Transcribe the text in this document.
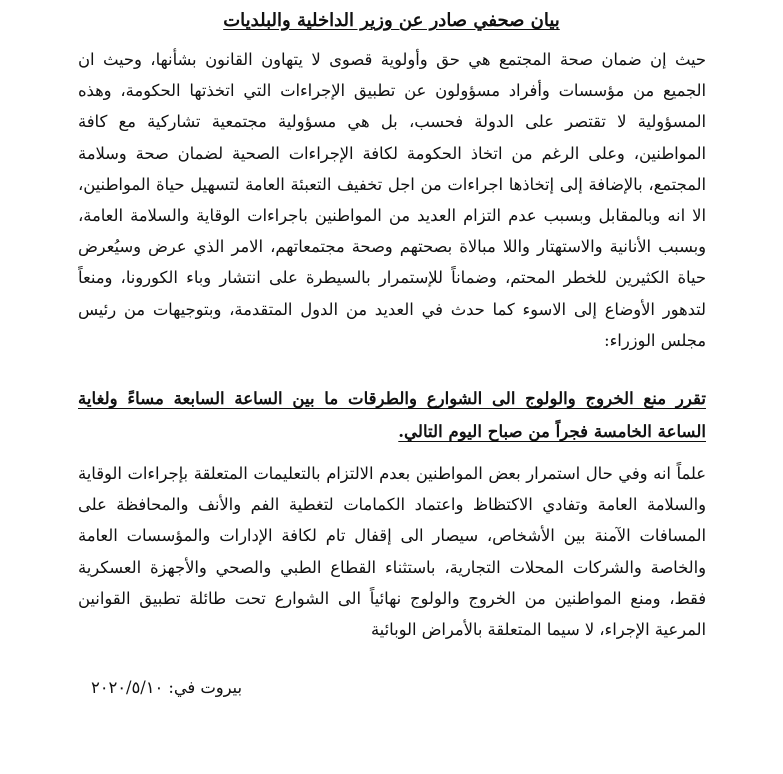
بيان صحفي صادر عن وزير الداخلية والبلديات

حيث إن ضمان صحة المجتمع هي حق وأولوية قصوى لا يتهاون القانون بشأنها، وحيث ان الجميع من مؤسسات وأفراد مسؤولون عن تطبيق الإجراءات التي اتخذتها الحكومة، وهذه المسؤولية لا تقتصر على الدولة فحسب، بل هي مسؤولية مجتمعية تشاركية مع كافة المواطنين، وعلى الرغم من اتخاذ الحكومة لكافة الإجراءات الصحية لضمان صحة وسلامة المجتمع، بالإضافة إلى إتخاذها اجراءات من اجل تخفيف التعبئة العامة لتسهيل حياة المواطنين، الا انه وبالمقابل وبسبب عدم التزام العديد من المواطنين باجراءات الوقاية والسلامة العامة، وبسبب الأنانية والاستهتار واللا مبالاة بصحتهم وصحة مجتمعاتهم، الامر الذي عرض وسيُعرض حياة الكثيرين للخطر المحتم، وضماناً للإستمرار بالسيطرة على انتشار وباء الكورونا، ومنعاً لتدهور الأوضاع إلى الاسوء كما حدث في العديد من الدول المتقدمة، وبتوجيهات من رئيس مجلس الوزراء:

تقرر منع الخروج والولوج الى الشوارع والطرقات ما بين الساعة السابعة مساءً ولغاية الساعة الخامسة فجراً من صباح اليوم التالي.

علماً انه وفي حال استمرار بعض المواطنين بعدم الالتزام بالتعليمات المتعلقة بإجراءات الوقاية والسلامة العامة وتفادي الاكتظاظ واعتماد الكمامات لتغطية الفم والأنف والمحافظة على المسافات الآمنة بين الأشخاص، سيصار الى إقفال تام لكافة الإدارات والمؤسسات العامة والخاصة والشركات المحلات التجارية، باستثناء القطاع الطبي والصحي والأجهزة العسكرية فقط، ومنع المواطنين من الخروج والولوج نهائياً الى الشوارع تحت طائلة تطبيق القوانين المرعية الإجراء، لا سيما المتعلقة بالأمراض الوبائية

بيروت في: ٢٠٢٠/٥/١٠
